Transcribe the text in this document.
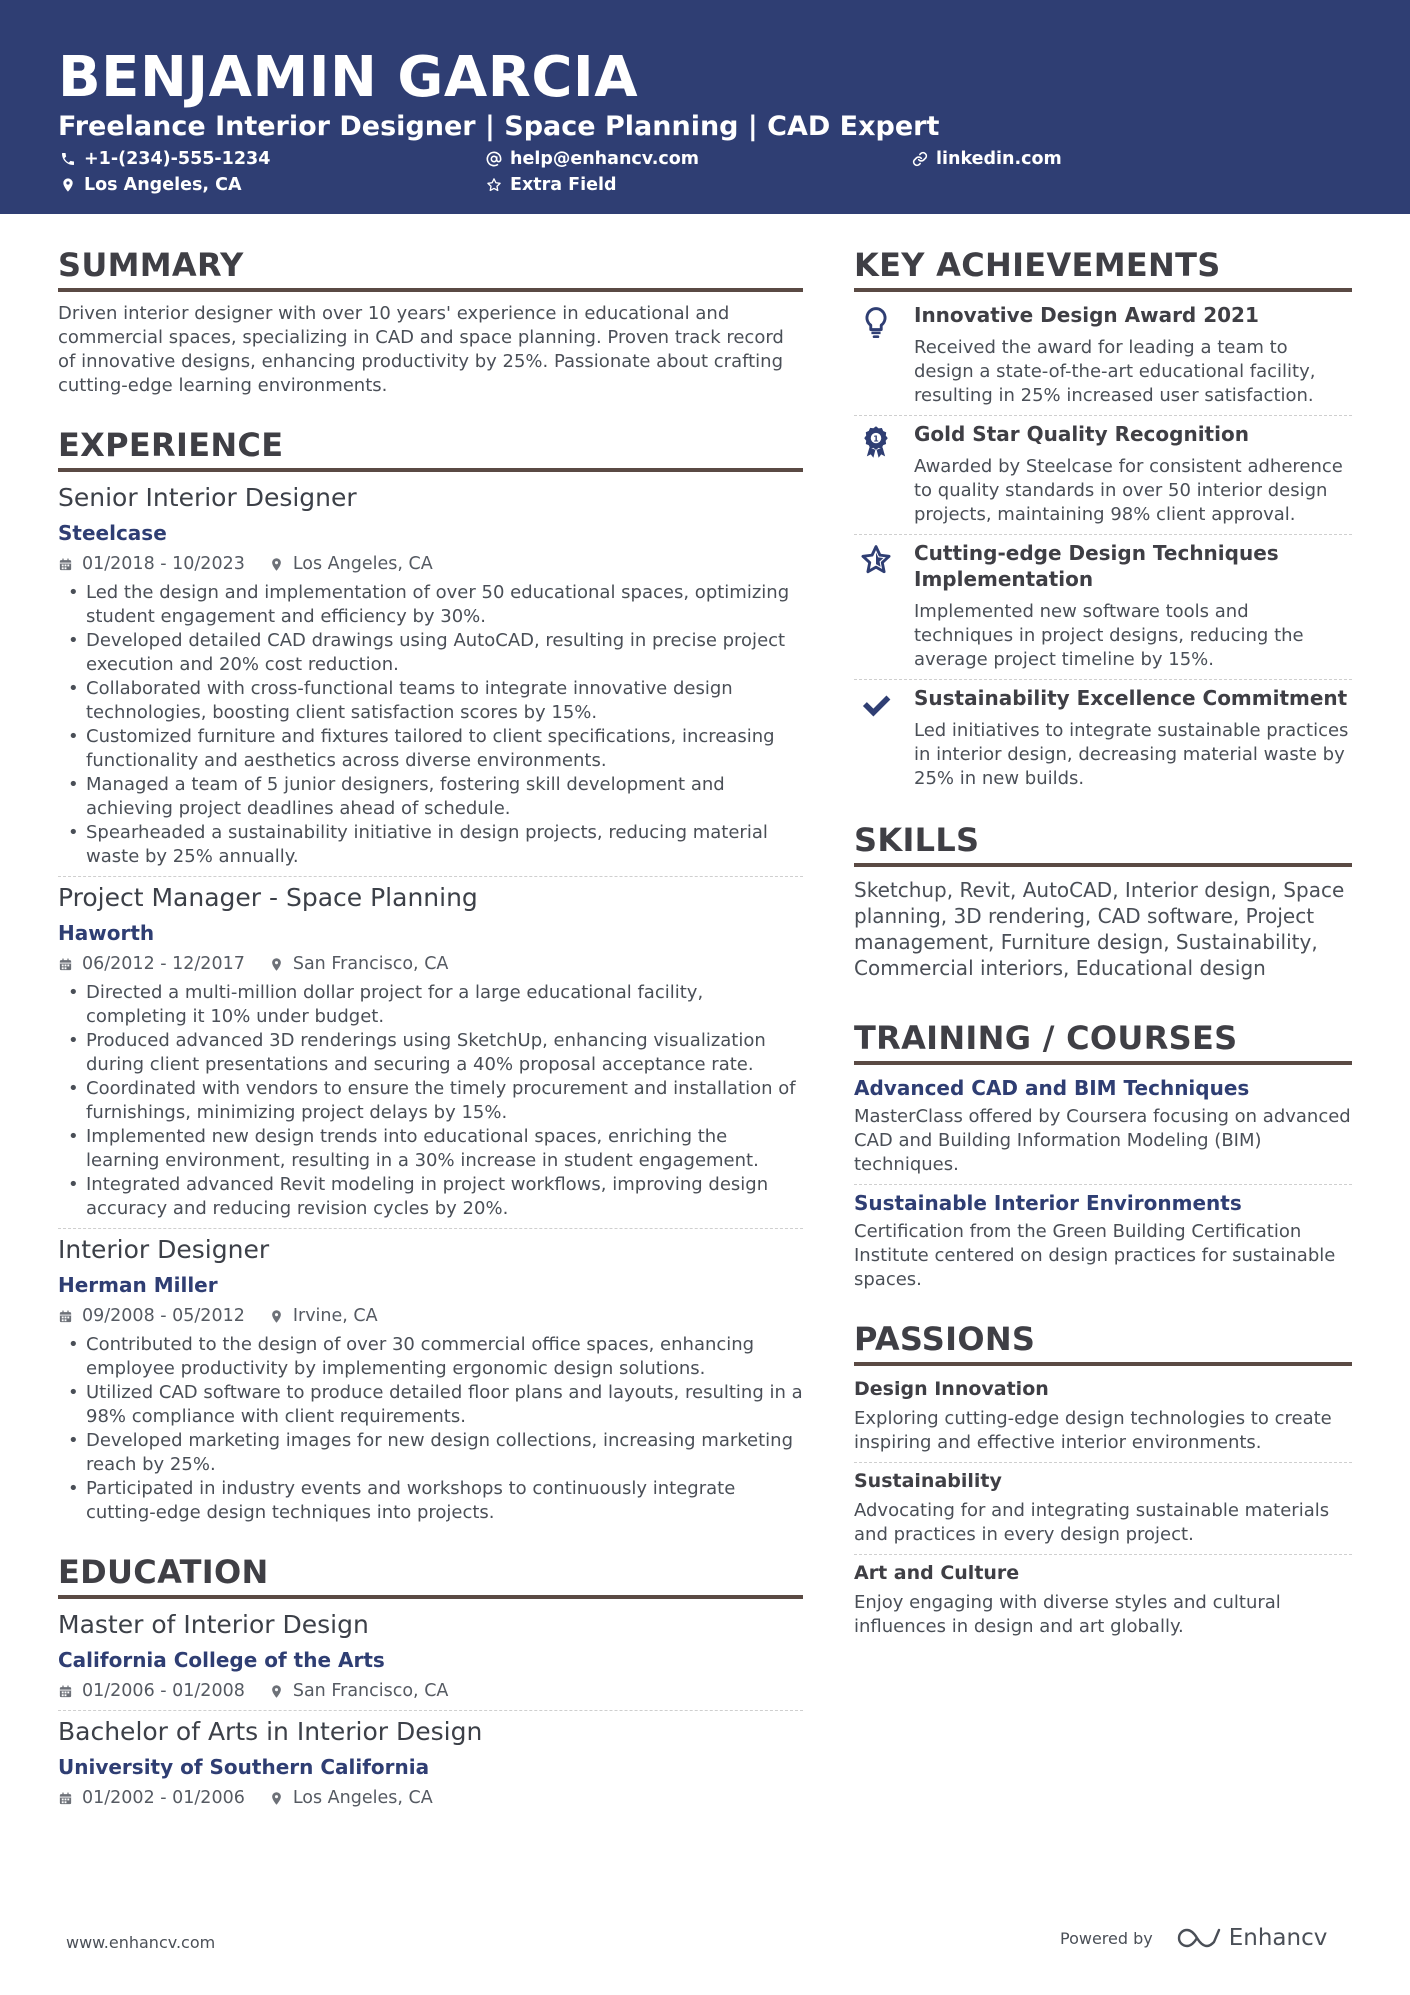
BENJAMIN GARCIA
Freelance Interior Designer | Space Planning | CAD Expert
+1-(234)-555-1234	help@enhancv.com	linkedin.com
Los Angeles, CA	Extra Field
SUMMARY
Driven interior designer with over 10 years' experience in educational and commercial spaces, specializing in CAD and space planning. Proven track record of innovative designs, enhancing productivity by 25%. Passionate about crafting cutting-edge learning environments.
EXPERIENCE
Senior Interior Designer
Steelcase
01/2018 - 10/2023	Los Angeles, CA
• Led the design and implementation of over 50 educational spaces, optimizing student engagement and efficiency by 30%.
• Developed detailed CAD drawings using AutoCAD, resulting in precise project execution and 20% cost reduction.
• Collaborated with cross-functional teams to integrate innovative design technologies, boosting client satisfaction scores by 15%.
• Customized furniture and fixtures tailored to client specifications, increasing functionality and aesthetics across diverse environments.
• Managed a team of 5 junior designers, fostering skill development and achieving project deadlines ahead of schedule.
• Spearheaded a sustainability initiative in design projects, reducing material waste by 25% annually.
Project Manager - Space Planning
Haworth
06/2012 - 12/2017	San Francisco, CA
• Directed a multi-million dollar project for a large educational facility, completing it 10% under budget.
• Produced advanced 3D renderings using SketchUp, enhancing visualization during client presentations and securing a 40% proposal acceptance rate.
• Coordinated with vendors to ensure the timely procurement and installation of furnishings, minimizing project delays by 15%.
• Implemented new design trends into educational spaces, enriching the learning environment, resulting in a 30% increase in student engagement.
• Integrated advanced Revit modeling in project workflows, improving design accuracy and reducing revision cycles by 20%.
Interior Designer
Herman Miller
09/2008 - 05/2012	Irvine, CA
• Contributed to the design of over 30 commercial office spaces, enhancing employee productivity by implementing ergonomic design solutions.
• Utilized CAD software to produce detailed floor plans and layouts, resulting in a 98% compliance with client requirements.
• Developed marketing images for new design collections, increasing marketing reach by 25%.
• Participated in industry events and workshops to continuously integrate cutting-edge design techniques into projects.
EDUCATION
Master of Interior Design
California College of the Arts
01/2006 - 01/2008	San Francisco, CA
Bachelor of Arts in Interior Design
University of Southern California
01/2002 - 01/2006	Los Angeles, CA
KEY ACHIEVEMENTS
Innovative Design Award 2021
Received the award for leading a team to design a state-of-the-art educational facility, resulting in 25% increased user satisfaction.
1 Gold Star Quality Recognition
Awarded by Steelcase for consistent adherence to quality standards in over 50 interior design projects, maintaining 98% client approval.
Cutting-edge Design Techniques Implementation
Implemented new software tools and techniques in project designs, reducing the average project timeline by 15%.
Sustainability Excellence Commitment
Led initiatives to integrate sustainable practices in interior design, decreasing material waste by 25% in new builds.
SKILLS
Sketchup, Revit, AutoCAD, Interior design, Space planning, 3D rendering, CAD software, Project management, Furniture design, Sustainability, Commercial interiors, Educational design
TRAINING / COURSES
Advanced CAD and BIM Techniques
MasterClass offered by Coursera focusing on advanced CAD and Building Information Modeling (BIM) techniques.
Sustainable Interior Environments
Certification from the Green Building Certification Institute centered on design practices for sustainable spaces.
PASSIONS
Design Innovation
Exploring cutting-edge design technologies to create inspiring and effective interior environments.
Sustainability
Advocating for and integrating sustainable materials and practices in every design project.
Art and Culture
Enjoy engaging with diverse styles and cultural influences in design and art globally.
www.enhancv.com	Powered by	Enhancv
